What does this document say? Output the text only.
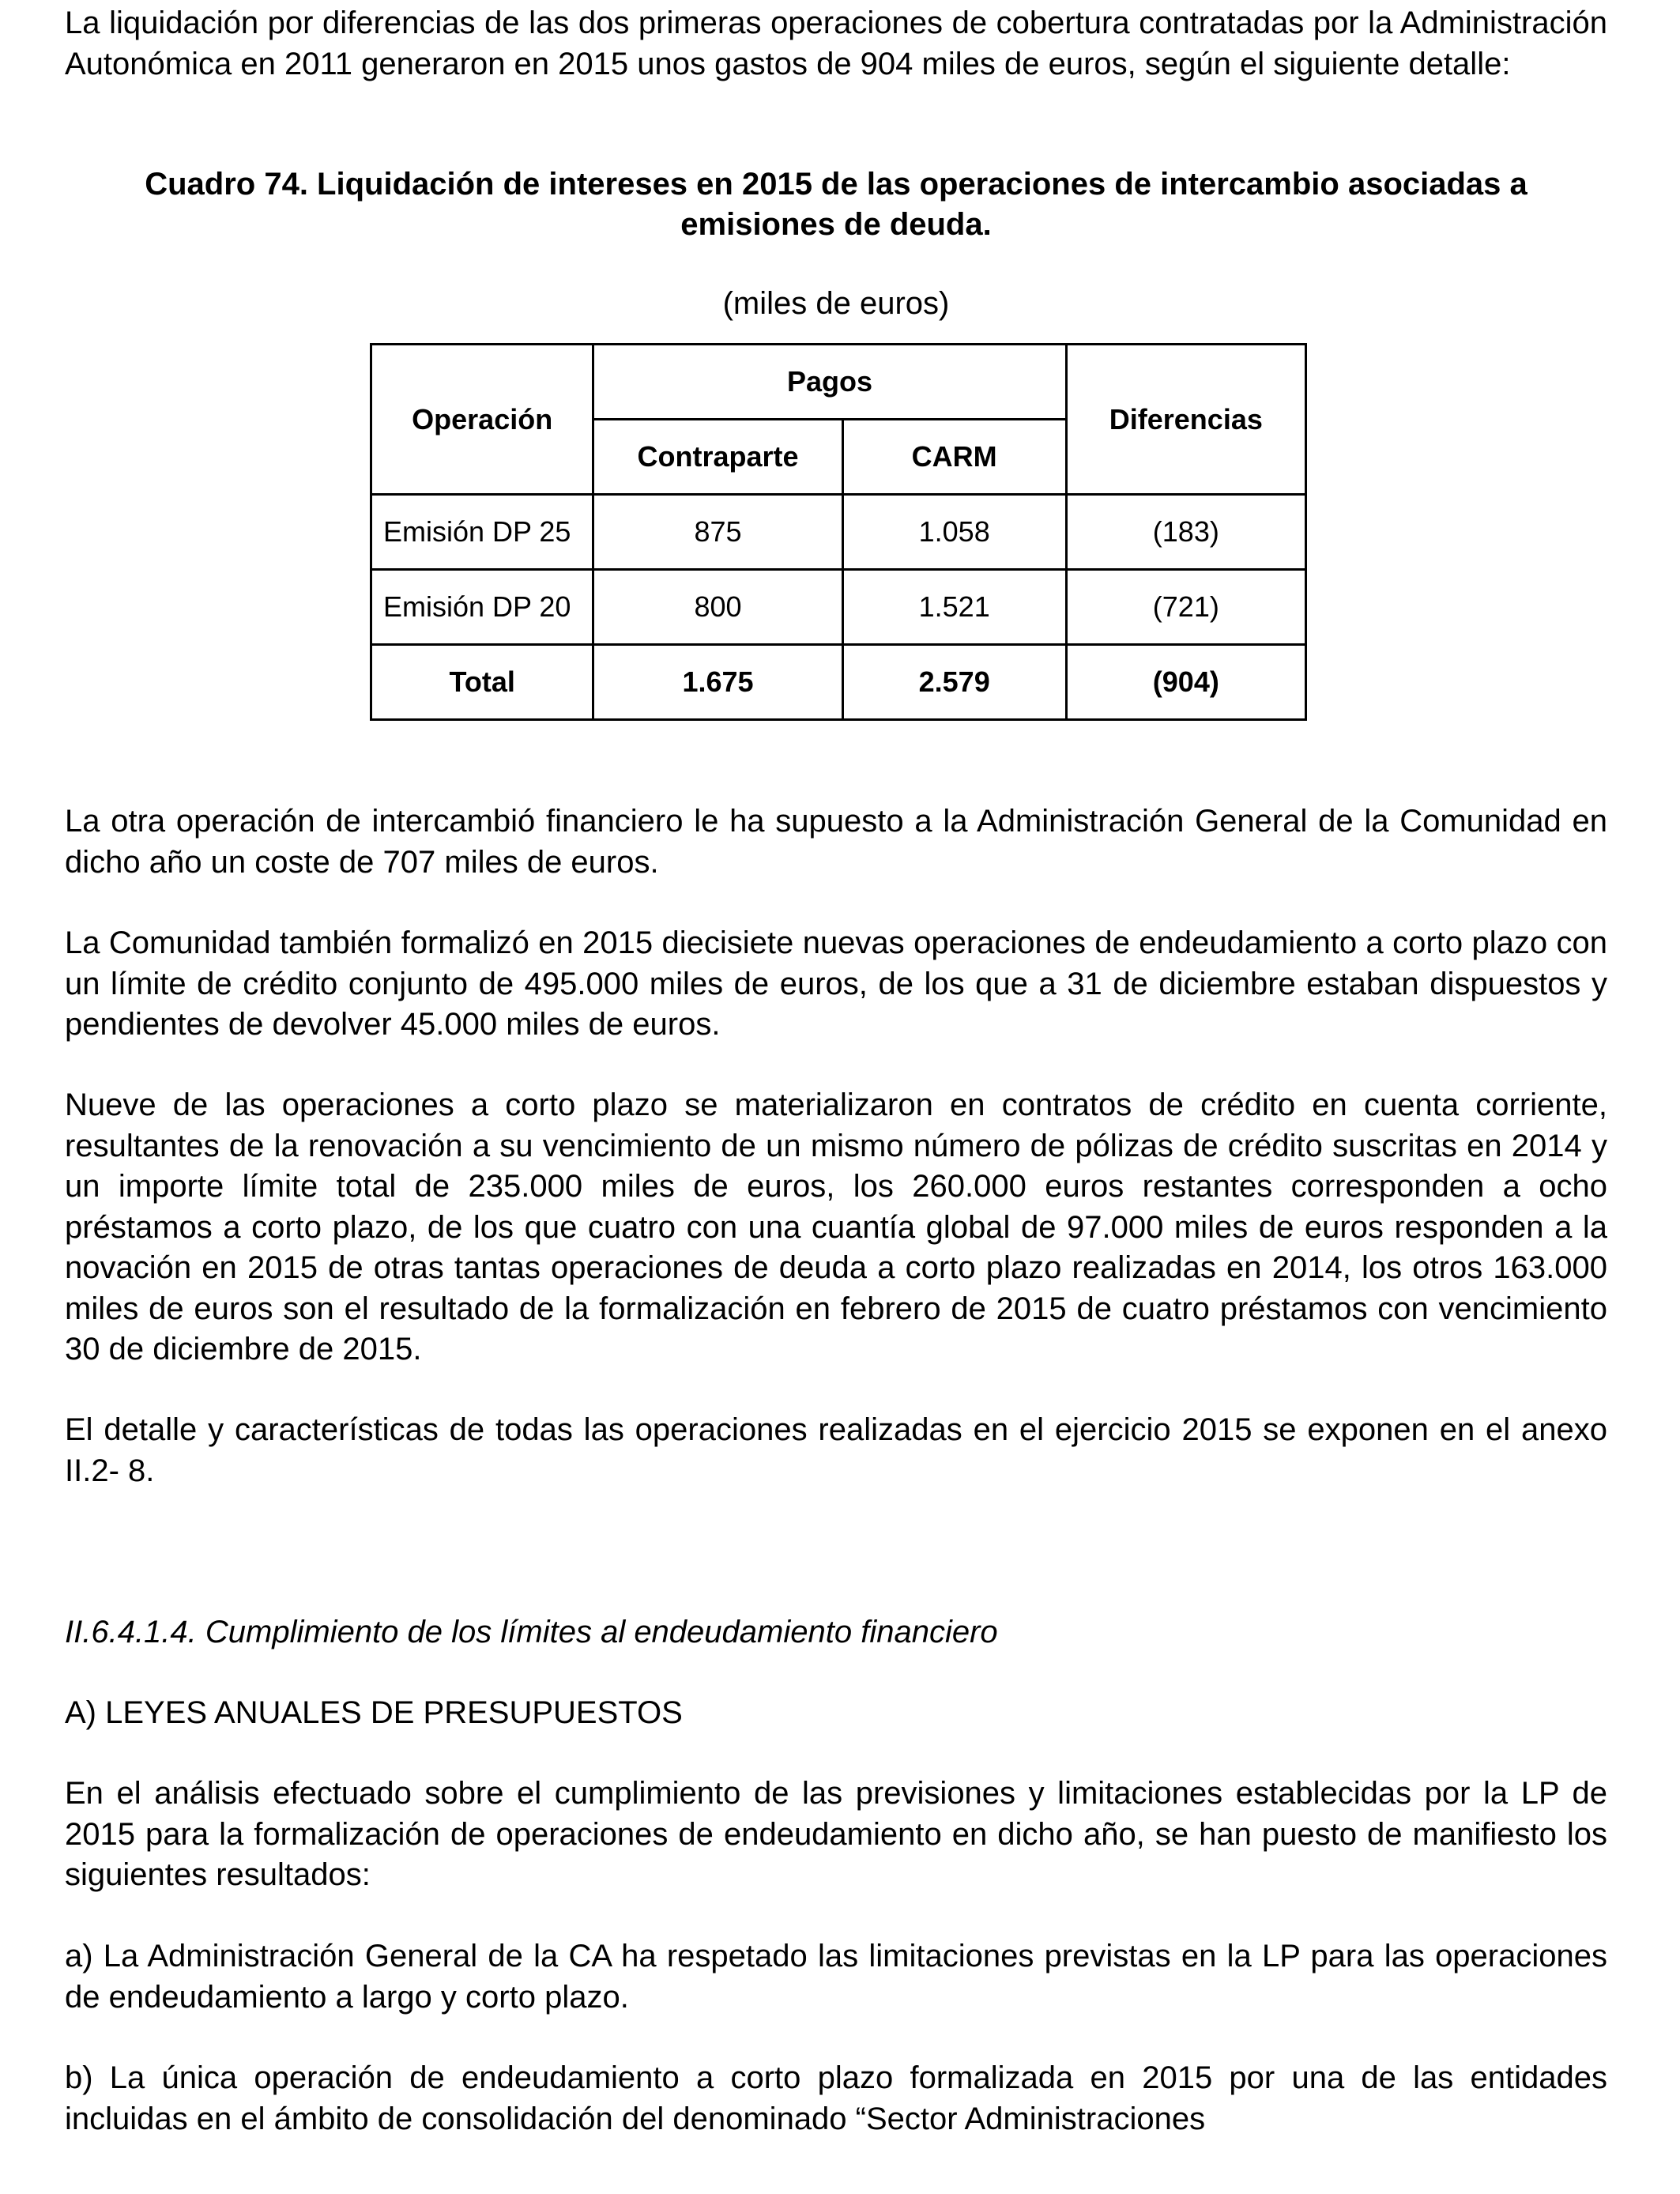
La liquidación por diferencias de las dos primeras operaciones de cobertura contratadas por la Administración Autonómica en 2011 generaron en 2015 unos gastos de 904 miles de euros, según el siguiente detalle:

Cuadro 74. Liquidación de intereses en 2015 de las operaciones de intercambio asociadas a

emisiones de deuda.

(miles de euros)

Operación	Pagos		Diferencias
	Contraparte	CARM	
Emisión DP 25	875	1.058	(183)
Emisión DP 20	800	1.521	(721)
Total	1.675	2.579	(904)

La otra operación de intercambió financiero le ha supuesto a la Administración General de la Comunidad en dicho año un coste de 707 miles de euros.

La Comunidad también formalizó en 2015 diecisiete nuevas operaciones de endeudamiento a corto plazo con un límite de crédito conjunto de 495.000 miles de euros, de los que a 31 de diciembre estaban dispuestos y pendientes de devolver 45.000 miles de euros.

Nueve de las operaciones a corto plazo se materializaron en contratos de crédito en cuenta corriente, resultantes de la renovación a su vencimiento de un mismo número de pólizas de crédito suscritas en 2014 y un importe límite total de 235.000 miles de euros, los 260.000 euros restantes corresponden a ocho préstamos a corto plazo, de los que cuatro con una cuantía global de 97.000 miles de euros responden a la novación en 2015 de otras tantas operaciones de deuda a corto plazo realizadas en 2014, los otros 163.000 miles de euros son el resultado de la formalización en febrero de 2015 de cuatro préstamos con vencimiento 30 de diciembre de 2015.

El detalle y características de todas las operaciones realizadas en el ejercicio 2015 se exponen en el anexo II.2- 8.

II.6.4.1.4. Cumplimiento de los límites al endeudamiento financiero

A) LEYES ANUALES DE PRESUPUESTOS

En el análisis efectuado sobre el cumplimiento de las previsiones y limitaciones establecidas por la LP de 2015 para la formalización de operaciones de endeudamiento en dicho año, se han puesto de manifiesto los siguientes resultados:

a) La Administración General de la CA ha respetado las limitaciones previstas en la LP para las operaciones de endeudamiento a largo y corto plazo.

b) La única operación de endeudamiento a corto plazo formalizada en 2015 por una de las entidades incluidas en el ámbito de consolidación del denominado “Sector Administraciones
